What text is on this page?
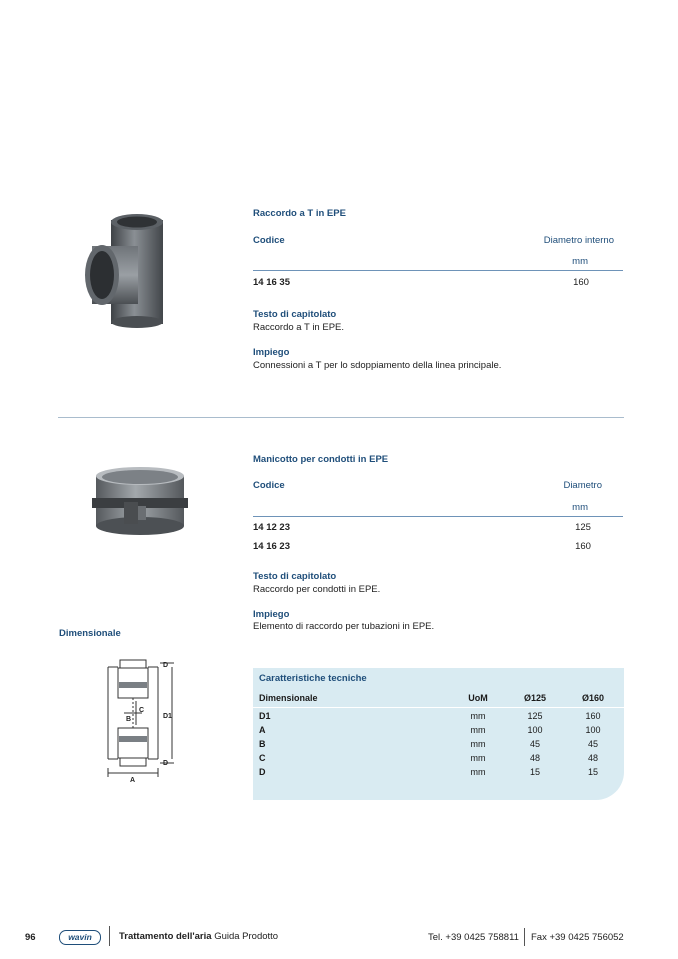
Raccordo a T in EPE
Codice	Diametro interno
mm
14 16 35	160
Testo di capitolato
Raccordo a T in EPE.
Impiego
Connessioni a T per lo sdoppiamento della linea principale.
Manicotto per condotti in EPE
Codice	Diametro
mm
14 12 23	125
14 16 23	160
Testo di capitolato
Raccordo per condotti in EPE.
Impiego
Elemento di raccordo per tubazioni in EPE.
Dimensionale
D
C
B	D1
D
A
Caratteristiche tecniche
Dimensionale	UoM	Ø125	Ø160
D1	mm	125	160
A	mm	100	100
B	mm	45	45
C	mm	48	48
D	mm	15	15
96	wavin	Trattamento dell'aria Guida Prodotto	Tel. +39 0425 758811 Fax +39 0425 756052
